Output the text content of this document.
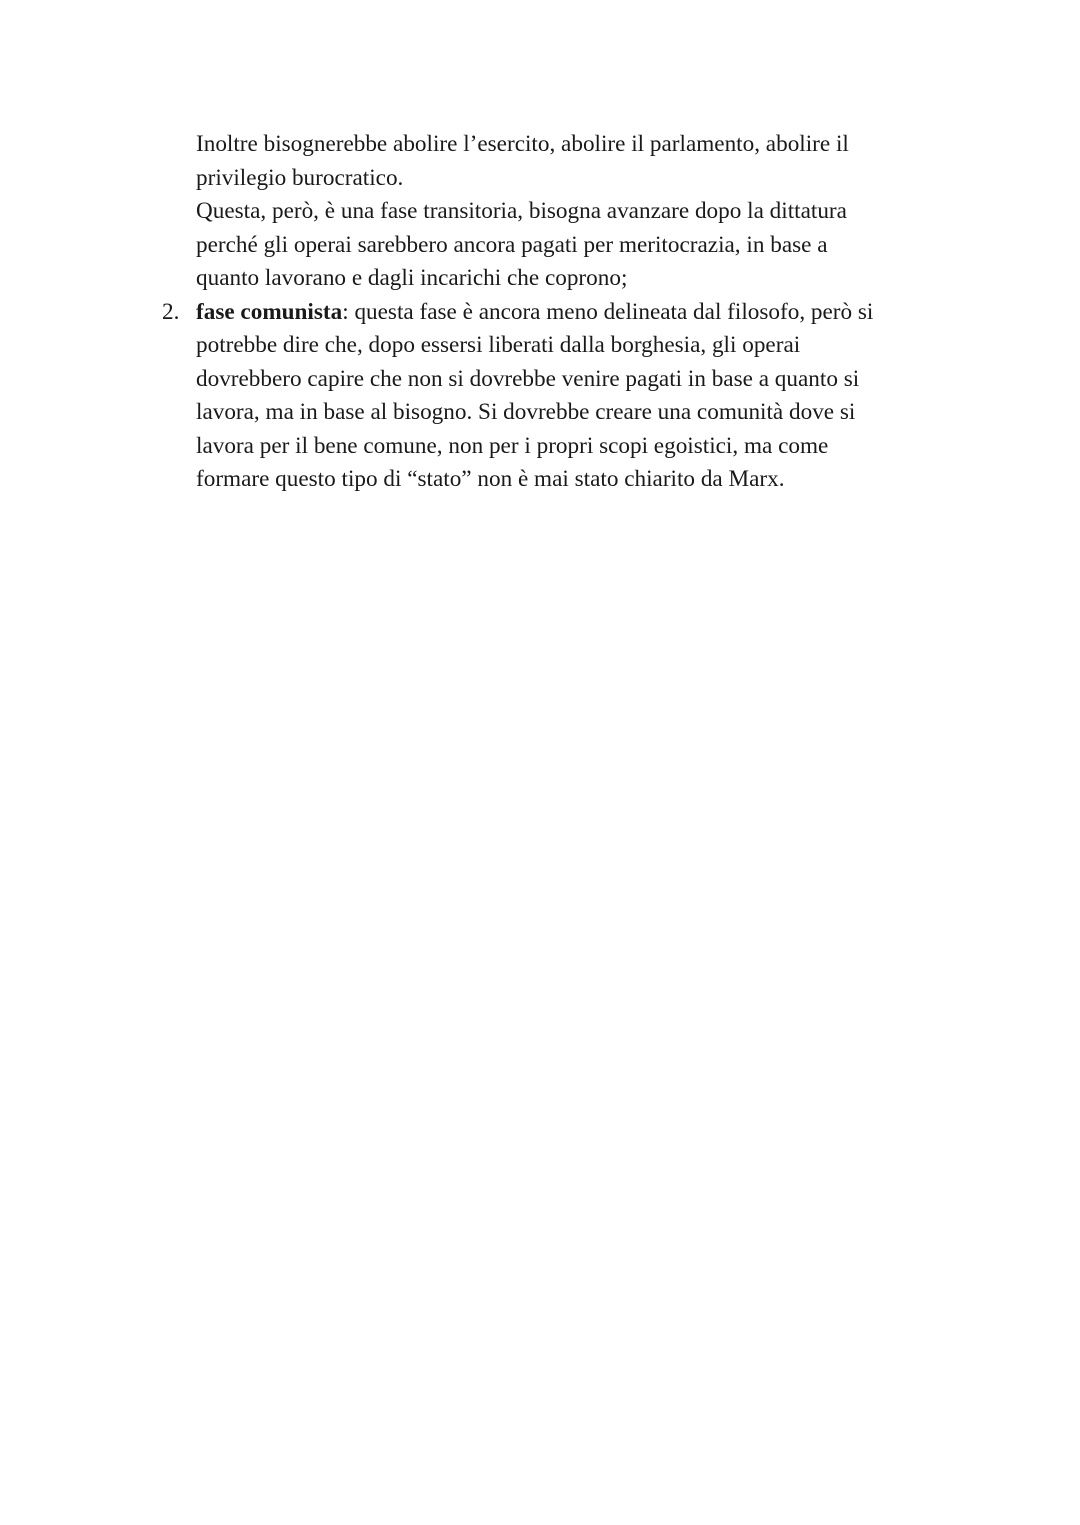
Inoltre bisognerebbe abolire l’esercito, abolire il parlamento, abolire il
privilegio burocratico.
Questa, però, è una fase transitoria, bisogna avanzare dopo la dittatura
perché gli operai sarebbero ancora pagati per meritocrazia, in base a
quanto lavorano e dagli incarichi che coprono;
2. fase comunista: questa fase è ancora meno delineata dal filosofo, però si
potrebbe dire che, dopo essersi liberati dalla borghesia, gli operai
dovrebbero capire che non si dovrebbe venire pagati in base a quanto si
lavora, ma in base al bisogno. Si dovrebbe creare una comunità dove si
lavora per il bene comune, non per i propri scopi egoistici, ma come
formare questo tipo di “stato” non è mai stato chiarito da Marx.
